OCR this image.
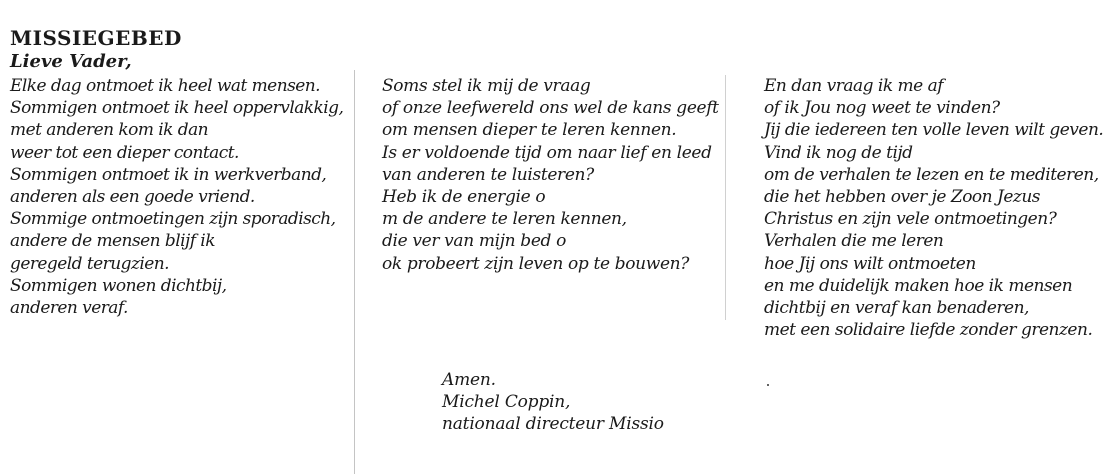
MISSIEGEBED
Lieve Vader,
Elke dag ontmoet ik heel wat mensen.
Sommigen ontmoet ik heel oppervlakkig,
met anderen kom ik dan
weer tot een dieper contact.
Sommigen ontmoet ik in werkverband,
anderen als een goede vriend.
Sommige ontmoetingen zijn sporadisch,
andere de mensen blijf ik
geregeld terugzien.
Sommigen wonen dichtbij,
anderen veraf.
Soms stel ik mij de vraag
of onze leefwereld ons wel de kans geeft
om mensen dieper te leren kennen.
Is er voldoende tijd om naar lief en leed
van anderen te luisteren?
Heb ik de energie o
m de andere te leren kennen,
die ver van mijn bed o
ok probeert zijn leven op te bouwen?
En dan vraag ik me af
of ik Jou nog weet te vinden?
Jij die iedereen ten volle leven wilt geven.
Vind ik nog de tijd
om de verhalen te lezen en te mediteren,
die het hebben over je Zoon Jezus
Christus en zijn vele ontmoetingen?
Verhalen die me leren
hoe Jij ons wilt ontmoeten
en me duidelijk maken hoe ik mensen
dichtbij en veraf kan benaderen,
met een solidaire liefde zonder grenzen.
Amen.
Michel Coppin,
nationaal directeur Missio
